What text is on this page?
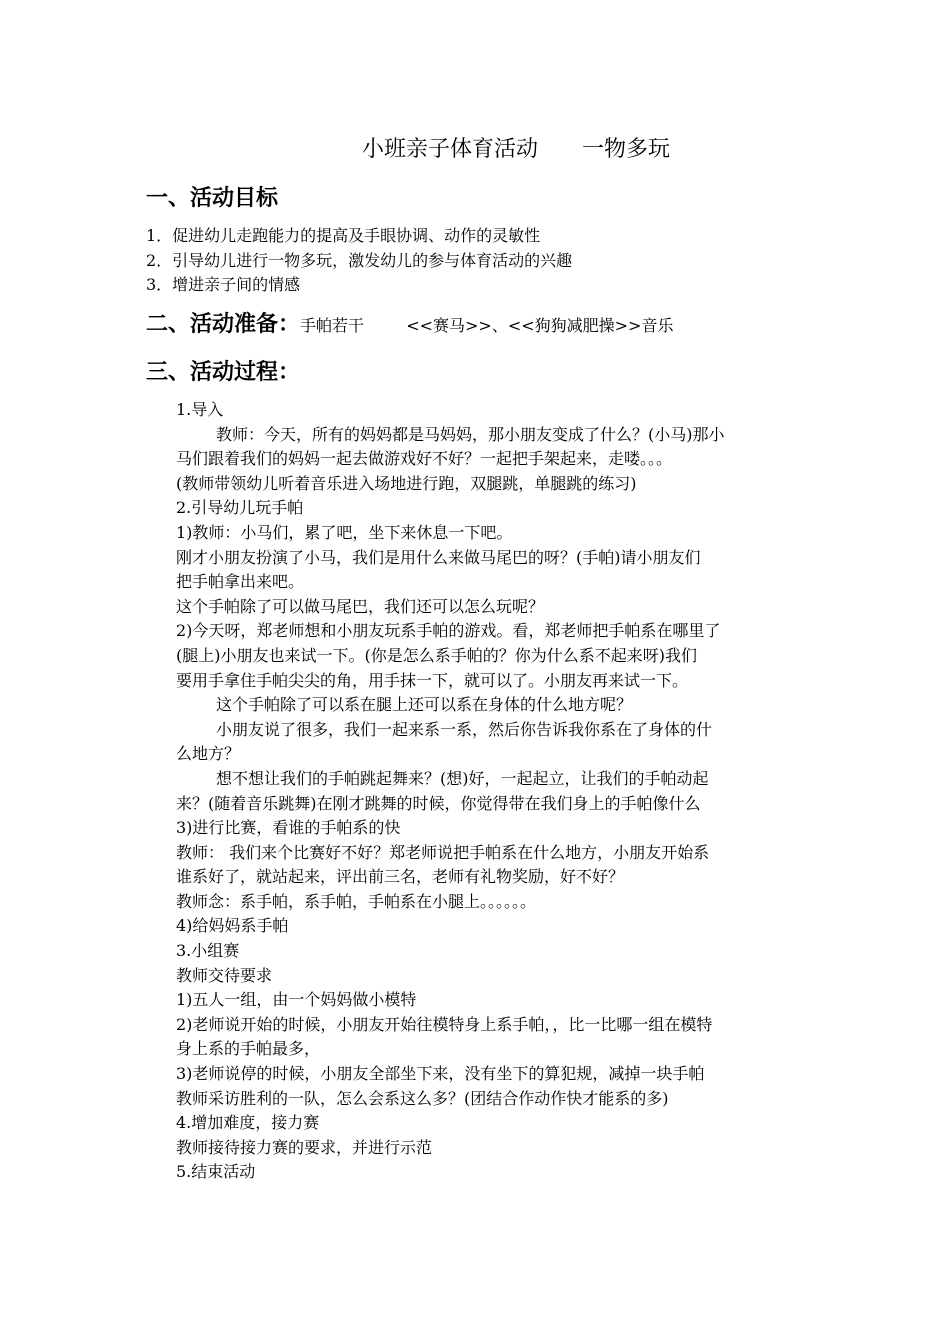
小班亲子体育活动　　一物多玩
一、活动目标
1．促进幼儿走跑能力的提高及手眼协调、动作的灵敏性
2．引导幼儿进行一物多玩，激发幼儿的参与体育活动的兴趣
3．增进亲子间的情感
二、活动准备：手帕若干　　  <<赛马>>、<<狗狗减肥操>>音乐
三、活动过程：
1.导入
教师：今天，所有的妈妈都是马妈妈，那小朋友变成了什么？(小马)那小
马们跟着我们的妈妈一起去做游戏好不好？一起把手架起来，走喽。。。
(教师带领幼儿听着音乐进入场地进行跑，双腿跳，单腿跳的练习)
2.引导幼儿玩手帕
1)教师：小马们，累了吧，坐下来休息一下吧。
刚才小朋友扮演了小马，我们是用什么来做马尾巴的呀？(手帕)请小朋友们
把手帕拿出来吧。
这个手帕除了可以做马尾巴，我们还可以怎么玩呢？
2)今天呀，郑老师想和小朋友玩系手帕的游戏。看，郑老师把手帕系在哪里了
(腿上)小朋友也来试一下。(你是怎么系手帕的？你为什么系不起来呀)我们
要用手拿住手帕尖尖的角，用手抹一下，就可以了。小朋友再来试一下。
这个手帕除了可以系在腿上还可以系在身体的什么地方呢？
小朋友说了很多，我们一起来系一系，然后你告诉我你系在了身体的什
么地方？
想不想让我们的手帕跳起舞来？(想)好，一起起立，让我们的手帕动起
来？(随着音乐跳舞)在刚才跳舞的时候，你觉得带在我们身上的手帕像什么
3)进行比赛，看谁的手帕系的快
教师： 我们来个比赛好不好？郑老师说把手帕系在什么地方，小朋友开始系
谁系好了，就站起来，评出前三名，老师有礼物奖励，好不好？
教师念：系手帕，系手帕，手帕系在小腿上。。。。。。
4)给妈妈系手帕
3.小组赛
教师交待要求
1)五人一组，由一个妈妈做小模特
2)老师说开始的时候，小朋友开始往模特身上系手帕，，比一比哪一组在模特
身上系的手帕最多，
3)老师说停的时候，小朋友全部坐下来，没有坐下的算犯规，减掉一块手帕
教师采访胜利的一队，怎么会系这么多？(团结合作动作快才能系的多)
4.增加难度，接力赛
教师接待接力赛的要求，并进行示范
5.结束活动
